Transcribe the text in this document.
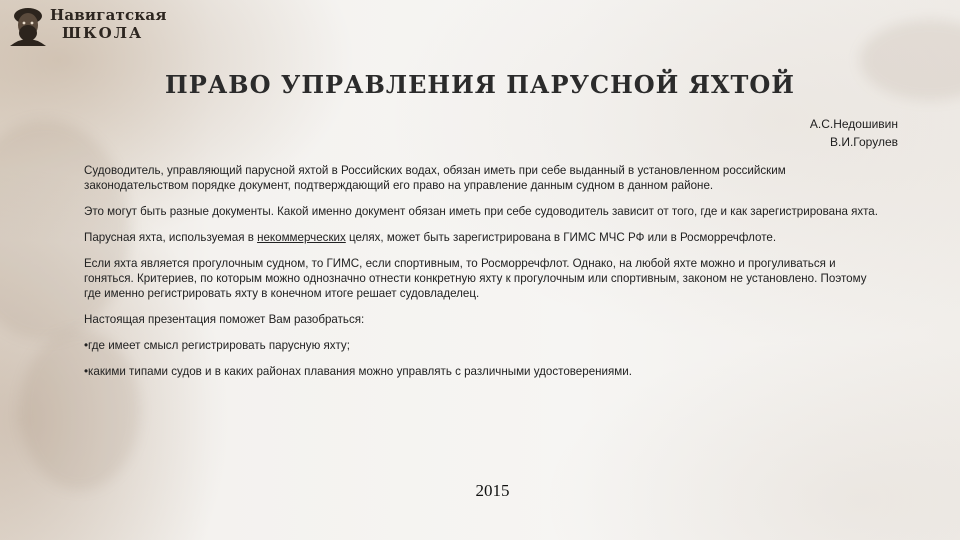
Навигатская
ШКОЛА
ПРАВО УПРАВЛЕНИЯ ПАРУСНОЙ ЯХТОЙ
А.С.Недошивин
В.И.Горулев

Судоводитель, управляющий парусной яхтой в Российских водах, обязан иметь при себе выданный в установленном российским законодательством порядке документ, подтверждающий его право на управление данным судном в данном районе.

Это могут быть разные документы. Какой именно документ обязан иметь при себе судоводитель зависит от того, где и как зарегистрирована яхта.

Парусная яхта, используемая в некоммерческих целях, может быть зарегистрирована в ГИМС МЧС РФ или в Росморречфлоте.

Если яхта является прогулочным судном, то ГИМС, если спортивным, то Росморречфлот. Однако, на любой яхте можно и прогуливаться и гоняться. Критериев, по которым можно однозначно отнести конкретную яхту к прогулочным или спортивным, законом не установлено. Поэтому где именно регистрировать яхту в конечном итоге решает судовладелец.

Настоящая презентация поможет Вам разобраться:

•где имеет смысл регистрировать парусную яхту;

•какими типами судов и в каких районах плавания можно управлять с различными удостоверениями.

2015
